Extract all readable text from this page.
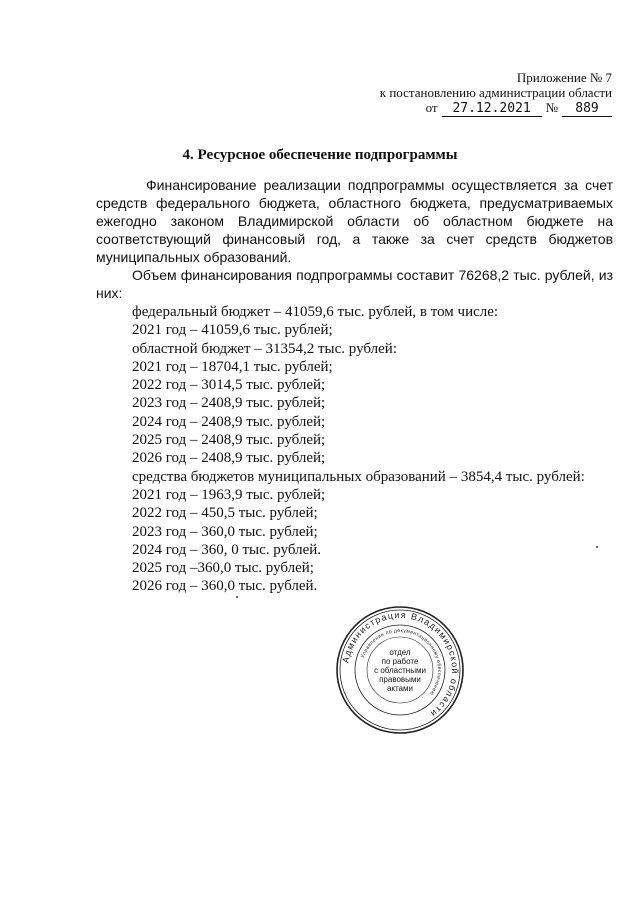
Приложение № 7
к постановлению администрации области
от	27.12.2021	№	889
4. Ресурсное обеспечение подпрограммы

Финансирование реализации подпрограммы осуществляется за счет средств федерального бюджета, областного бюджета, предусматриваемых ежегодно законом Владимирской области об областном бюджете на соответствующий финансовый год, а также за счет средств бюджетов муниципальных образований.

Объем финансирования подпрограммы составит 76268,2 тыс. рублей, из них:

федеральный бюджет – 41059,6 тыс. рублей, в том числе:
2021 год – 41059,6 тыс. рублей;
областной бюджет – 31354,2 тыс. рублей:
2021 год – 18704,1 тыс. рублей;
2022 год – 3014,5 тыс. рублей;
2023 год – 2408,9 тыс. рублей;
2024 год – 2408,9 тыс. рублей;
2025 год – 2408,9 тыс. рублей;
2026 год – 2408,9 тыс. рублей;
средства бюджетов муниципальных образований – 3854,4 тыс. рублей:
2021 год – 1963,9 тыс. рублей;
2022 год – 450,5 тыс. рублей;
2023 год – 360,0 тыс. рублей;
2024 год – 360, 0 тыс. рублей.
2025 год –360,0 тыс. рублей;
2026 год – 360,0 тыс. рублей.
Администрация Владимирской области
Управление по документационному обеспечению
отдел
по работе
с областными
правовыми
актами
